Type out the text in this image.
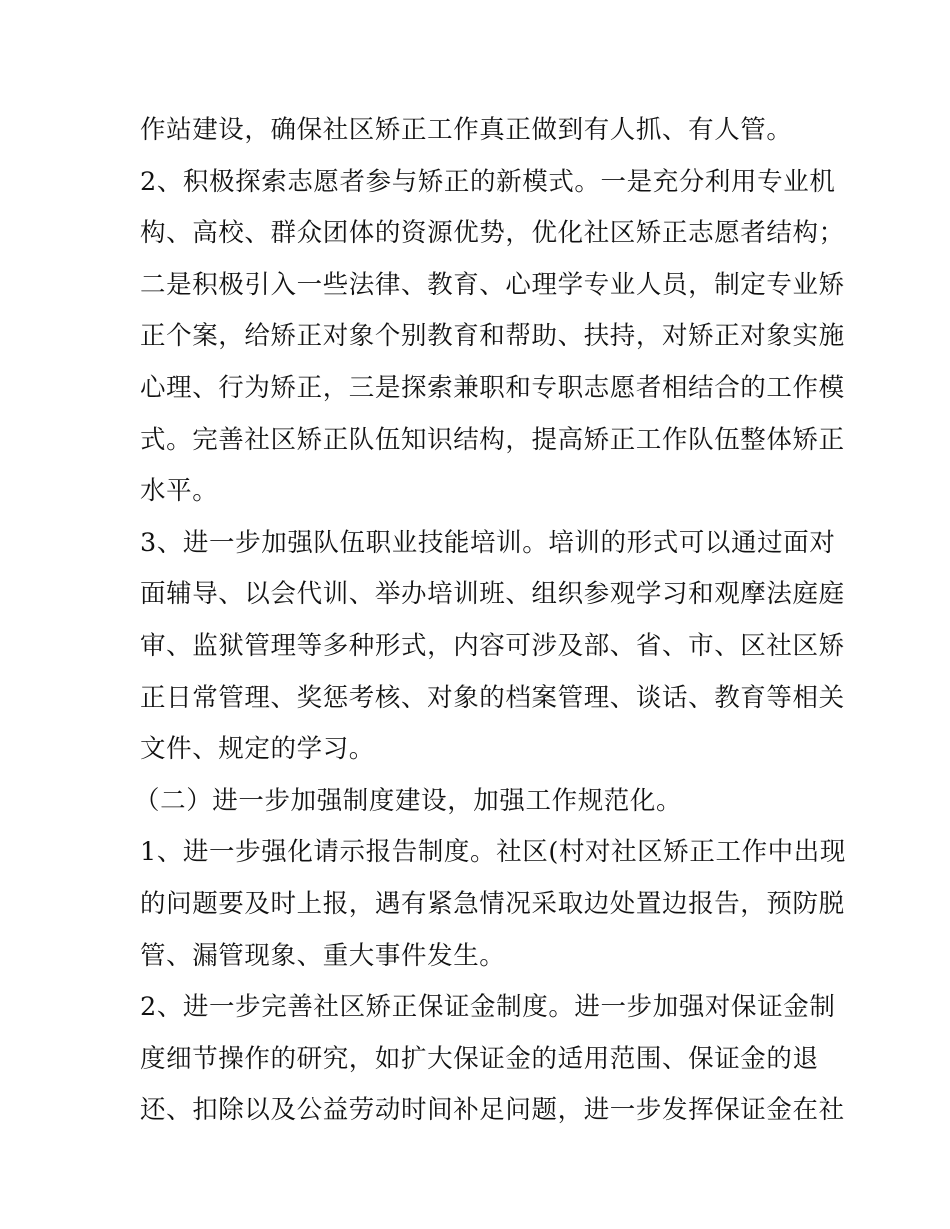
作站建设，确保社区矫正工作真正做到有人抓、有人管。
2、积极探索志愿者参与矫正的新模式。一是充分利用专业机
构、高校、群众团体的资源优势，优化社区矫正志愿者结构；
二是积极引入一些法律、教育、心理学专业人员，制定专业矫
正个案，给矫正对象个别教育和帮助、扶持，对矫正对象实施
心理、行为矫正，三是探索兼职和专职志愿者相结合的工作模
式。完善社区矫正队伍知识结构，提高矫正工作队伍整体矫正
水平。
3、进一步加强队伍职业技能培训。培训的形式可以通过面对
面辅导、以会代训、举办培训班、组织参观学习和观摩法庭庭
审、监狱管理等多种形式，内容可涉及部、省、市、区社区矫
正日常管理、奖惩考核、对象的档案管理、谈话、教育等相关
文件、规定的学习。
（二）进一步加强制度建设，加强工作规范化。
1、进一步强化请示报告制度。社区(村对社区矫正工作中出现
的问题要及时上报，遇有紧急情况采取边处置边报告，预防脱
管、漏管现象、重大事件发生。
2、进一步完善社区矫正保证金制度。进一步加强对保证金制
度细节操作的研究，如扩大保证金的适用范围、保证金的退
还、扣除以及公益劳动时间补足问题，进一步发挥保证金在社
